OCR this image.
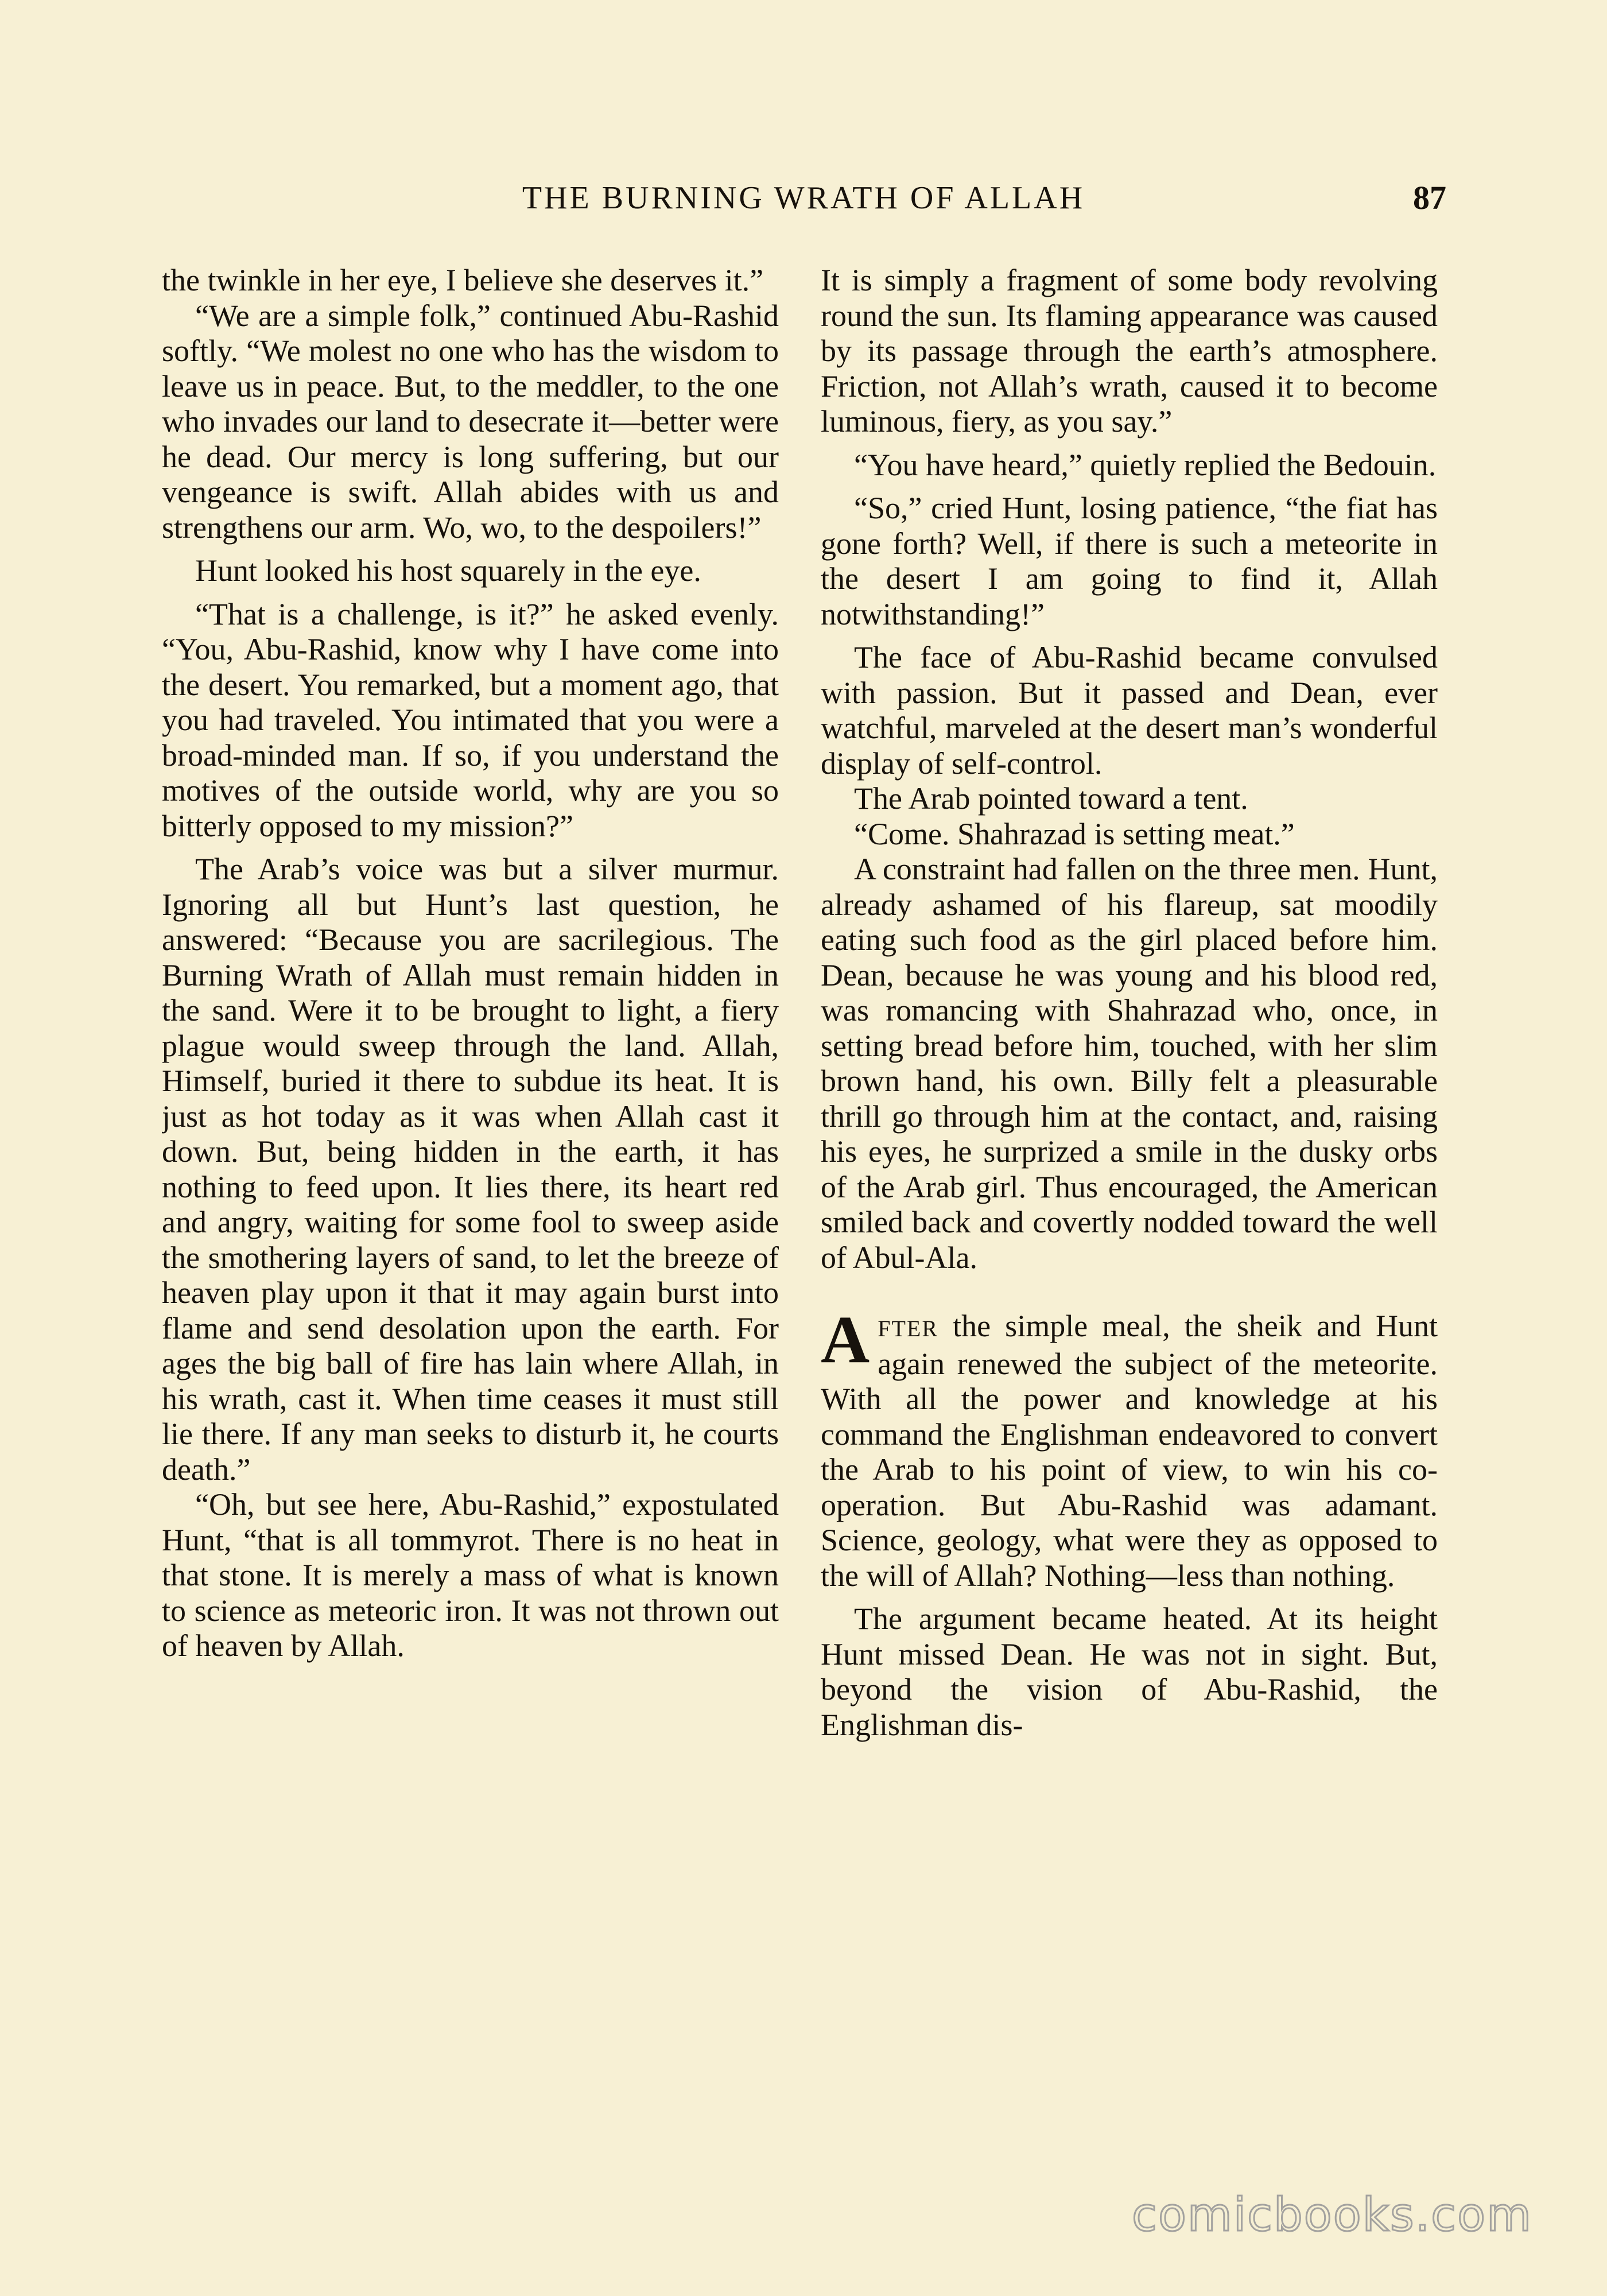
THE BURNING WRATH OF ALLAH	87

the twinkle in her eye, I believe she deserves it.”

“We are a simple folk,” continued Abu-Rashid softly. “We molest no one who has the wisdom to leave us in peace. But, to the meddler, to the one who invades our land to desecrate it—better were he dead. Our mercy is long suffering, but our vengeance is swift. Allah abides with us and strengthens our arm. Wo, wo, to the despoilers!”

Hunt looked his host squarely in the eye.

“That is a challenge, is it?” he asked evenly. “You, Abu-Rashid, know why I have come into the desert. You remarked, but a moment ago, that you had traveled. You intimated that you were a broad-minded man. If so, if you understand the motives of the outside world, why are you so bitterly opposed to my mission?”

The Arab’s voice was but a silver murmur. Ignoring all but Hunt’s last question, he answered: “Because you are sacrilegious. The Burning Wrath of Allah must remain hidden in the sand. Were it to be brought to light, a fiery plague would sweep through the land. Allah, Himself, buried it there to subdue its heat. It is just as hot today as it was when Allah cast it down. But, being hidden in the earth, it has nothing to feed upon. It lies there, its heart red and angry, waiting for some fool to sweep aside the smothering layers of sand, to let the breeze of heaven play upon it that it may again burst into flame and send desolation upon the earth. For ages the big ball of fire has lain where Allah, in his wrath, cast it. When time ceases it must still lie there. If any man seeks to disturb it, he courts death.”

“Oh, but see here, Abu-Rashid,” expostulated Hunt, “that is all tommyrot. There is no heat in that stone. It is merely a mass of what is known to science as meteoric iron. It was not thrown out of heaven by Allah.

It is simply a fragment of some body revolving round the sun. Its flaming appearance was caused by its passage through the earth’s atmosphere. Friction, not Allah’s wrath, caused it to become luminous, fiery, as you say.”

“You have heard,” quietly replied the Bedouin.

“So,” cried Hunt, losing patience, “the fiat has gone forth? Well, if there is such a meteorite in the desert I am going to find it, Allah notwithstanding!”

The face of Abu-Rashid became convulsed with passion. But it passed and Dean, ever watchful, marveled at the desert man’s wonderful display of self-control.

The Arab pointed toward a tent.

“Come. Shahrazad is setting meat.”

A constraint had fallen on the three men. Hunt, already ashamed of his flareup, sat moodily eating such food as the girl placed before him. Dean, because he was young and his blood red, was romancing with Shahrazad who, once, in setting bread before him, touched, with her slim brown hand, his own. Billy felt a pleasurable thrill go through him at the contact, and, raising his eyes, he surprized a smile in the dusky orbs of the Arab girl. Thus encouraged, the American smiled back and covertly nodded toward the well of Abul-Ala.

AFTER the simple meal, the sheik and Hunt again renewed the subject of the meteorite. With all the power and knowledge at his command the Englishman endeavored to convert the Arab to his point of view, to win his co-operation. But Abu-Rashid was adamant. Science, geology, what were they as opposed to the will of Allah? Nothing—less than nothing.

The argument became heated. At its height Hunt missed Dean. He was not in sight. But, beyond the vision of Abu-Rashid, the Englishman dis-

comicbooks.com
